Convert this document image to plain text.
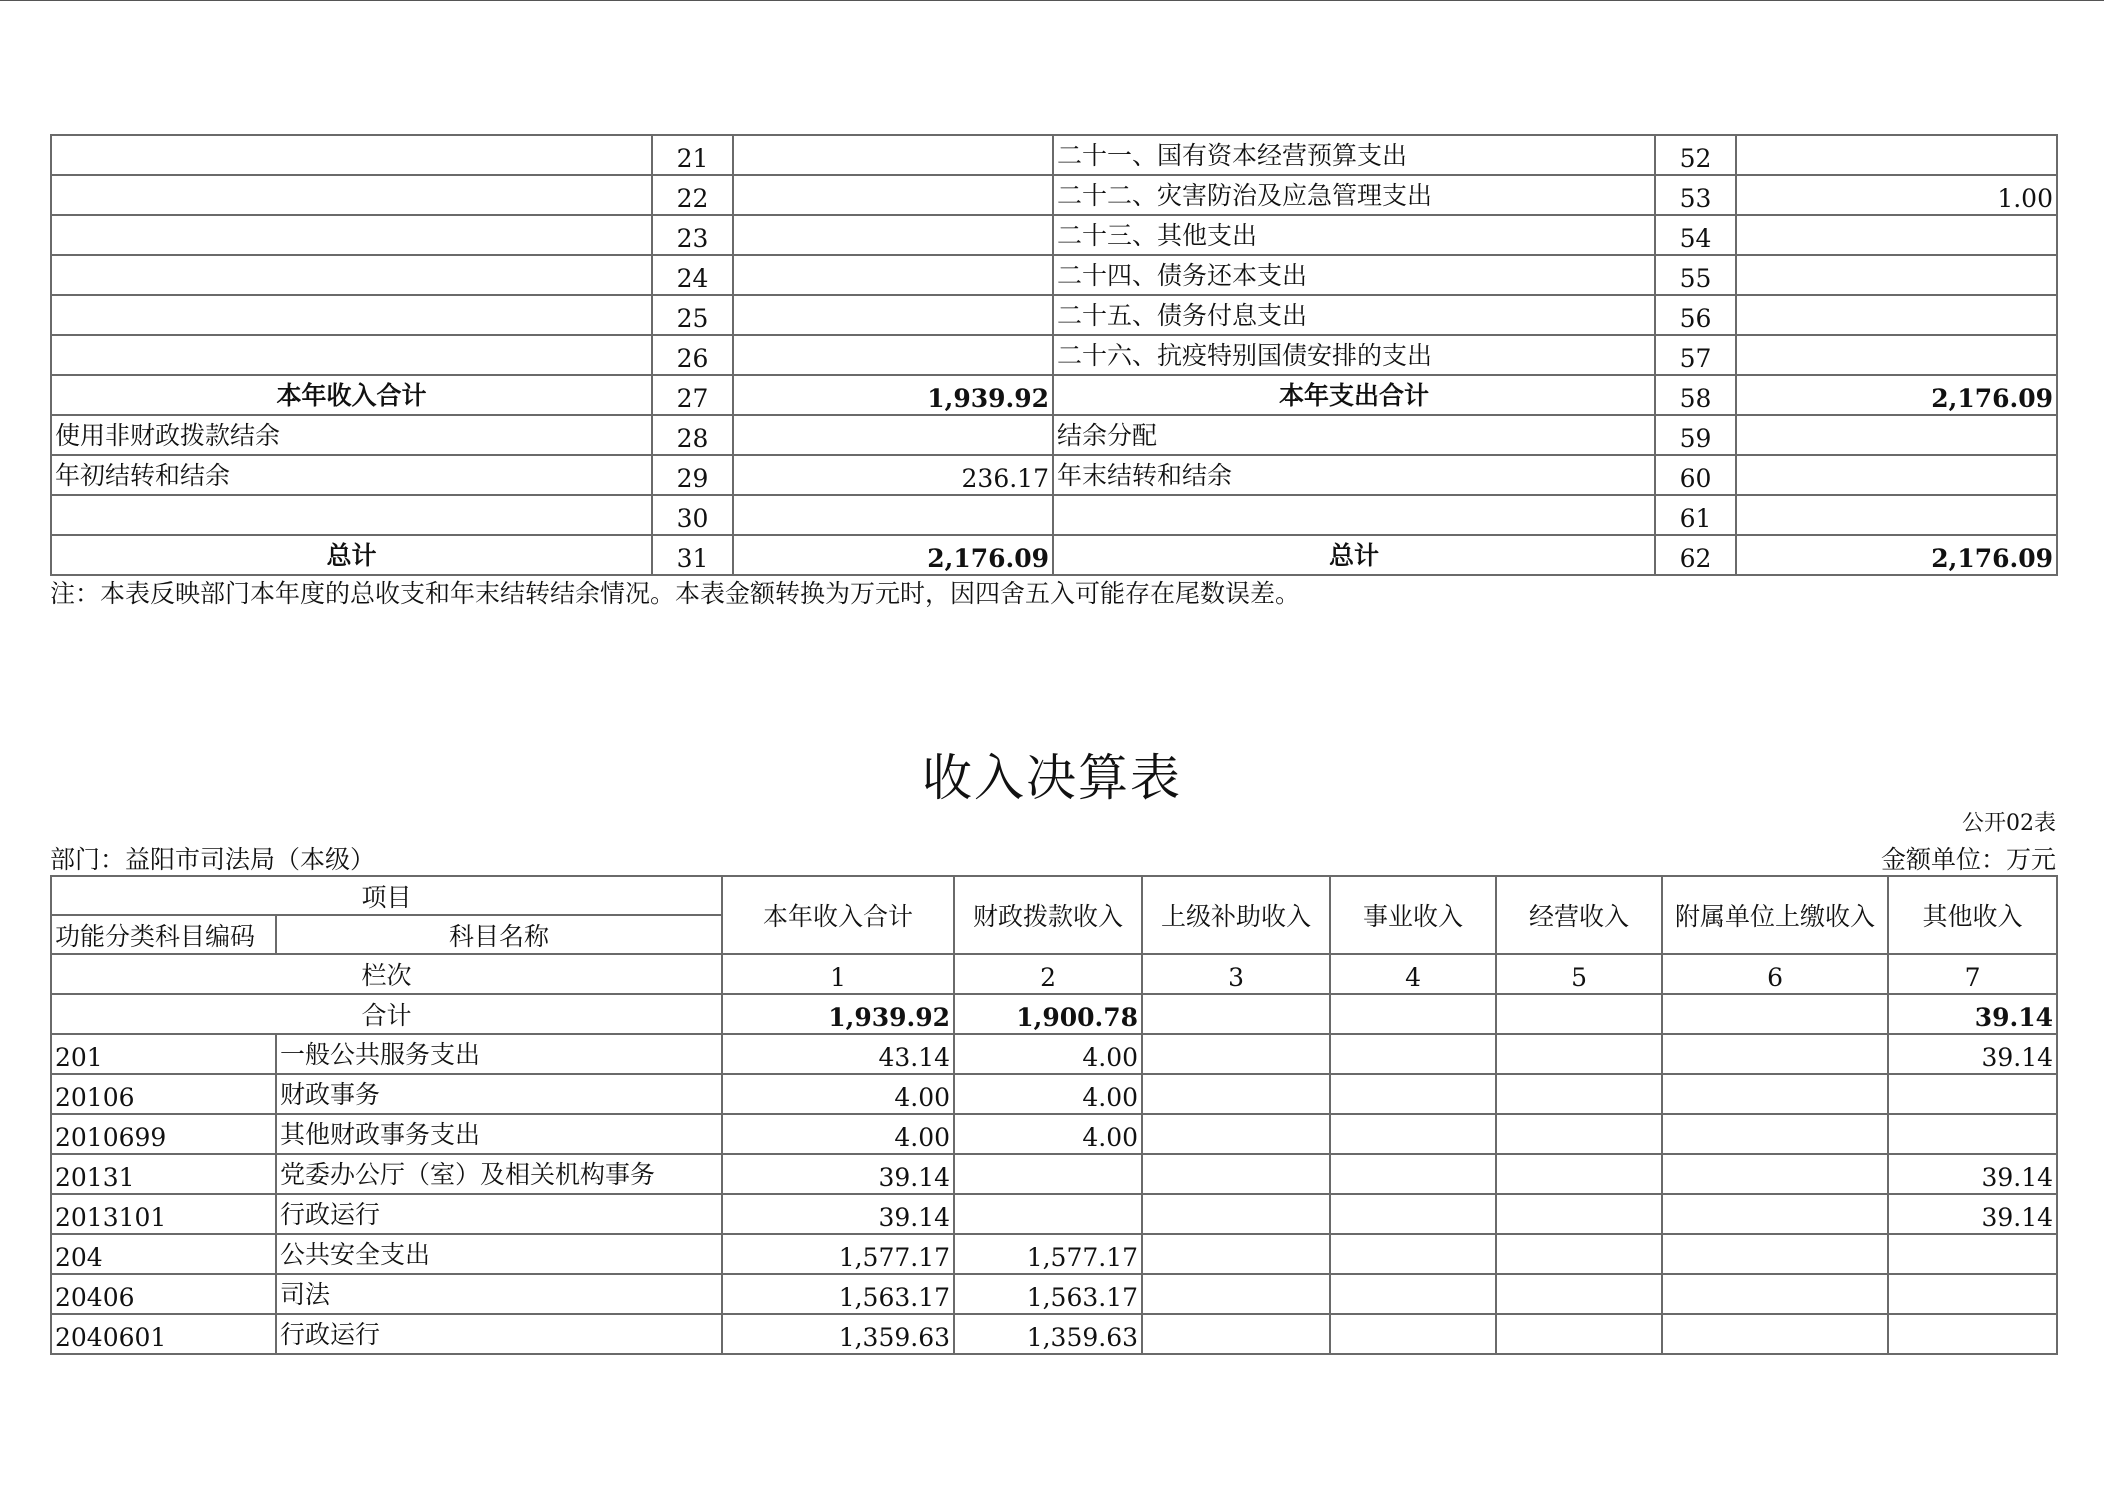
	21		二十一、国有资本经营预算支出	52	
	22		二十二、灾害防治及应急管理支出	53	1.00
	23		二十三、其他支出	54	
	24		二十四、债务还本支出	55	
	25		二十五、债务付息支出	56	
	26		二十六、抗疫特别国债安排的支出	57	
本年收入合计	27	1,939.92	本年支出合计	58	2,176.09
使用非财政拨款结余	28		结余分配	59	
年初结转和结余	29	236.17	年末结转和结余	60	
	30			61	
总计	31	2,176.09	总计	62	2,176.09
注：本表反映部门本年度的总收支和年末结转结余情况。本表金额转换为万元时，因四舍五入可能存在尾数误差。
收入决算表
公开02表
部门：益阳市司法局（本级）	金额单位：万元
项目		本年收入合计	财政拨款收入	上级补助收入	事业收入	经营收入	附属单位上缴收入	其他收入
功能分类科目编码	科目名称							
栏次		1	2	3	4	5	6	7
合计		1,939.92	1,900.78					39.14
201	一般公共服务支出	43.14	4.00					39.14
20106	财政事务	4.00	4.00					
2010699	其他财政事务支出	4.00	4.00					
20131	党委办公厅（室）及相关机构事务	39.14						39.14
2013101	行政运行	39.14						39.14
204	公共安全支出	1,577.17	1,577.17					
20406	司法	1,563.17	1,563.17					
2040601	行政运行	1,359.63	1,359.63					
